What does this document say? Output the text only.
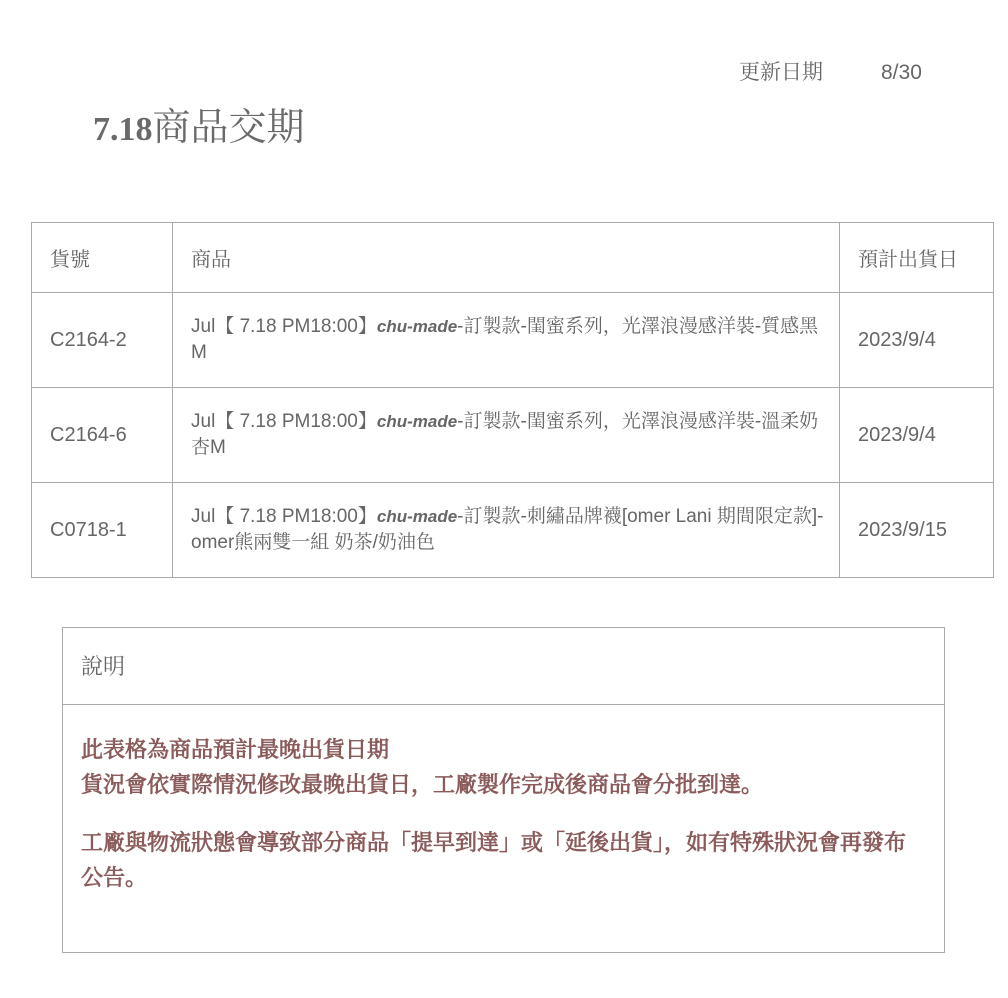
更新日期	8/30
7.18商品交期
貨號	商品	預計出貨日
C2164-2	Jul【 7.18 PM18:00】chu-made-訂製款-閨蜜系列，光澤浪漫感洋裝-質感黑M	2023/9/4
C2164-6	Jul【 7.18 PM18:00】chu-made-訂製款-閨蜜系列，光澤浪漫感洋裝-溫柔奶杏M	2023/9/4
C0718-1	Jul【 7.18 PM18:00】chu-made-訂製款-刺繡品牌襪[omer Lani 期間限定款]-omer熊兩雙一組 奶茶/奶油色	2023/9/15
說明

此表格為商品預計最晚出貨日期

貨況會依實際情況修改最晚出貨日，工廠製作完成後商品會分批到達。

工廠與物流狀態會導致部分商品「提早到達」或「延後出貨」，如有特殊狀況會再發布公告。
